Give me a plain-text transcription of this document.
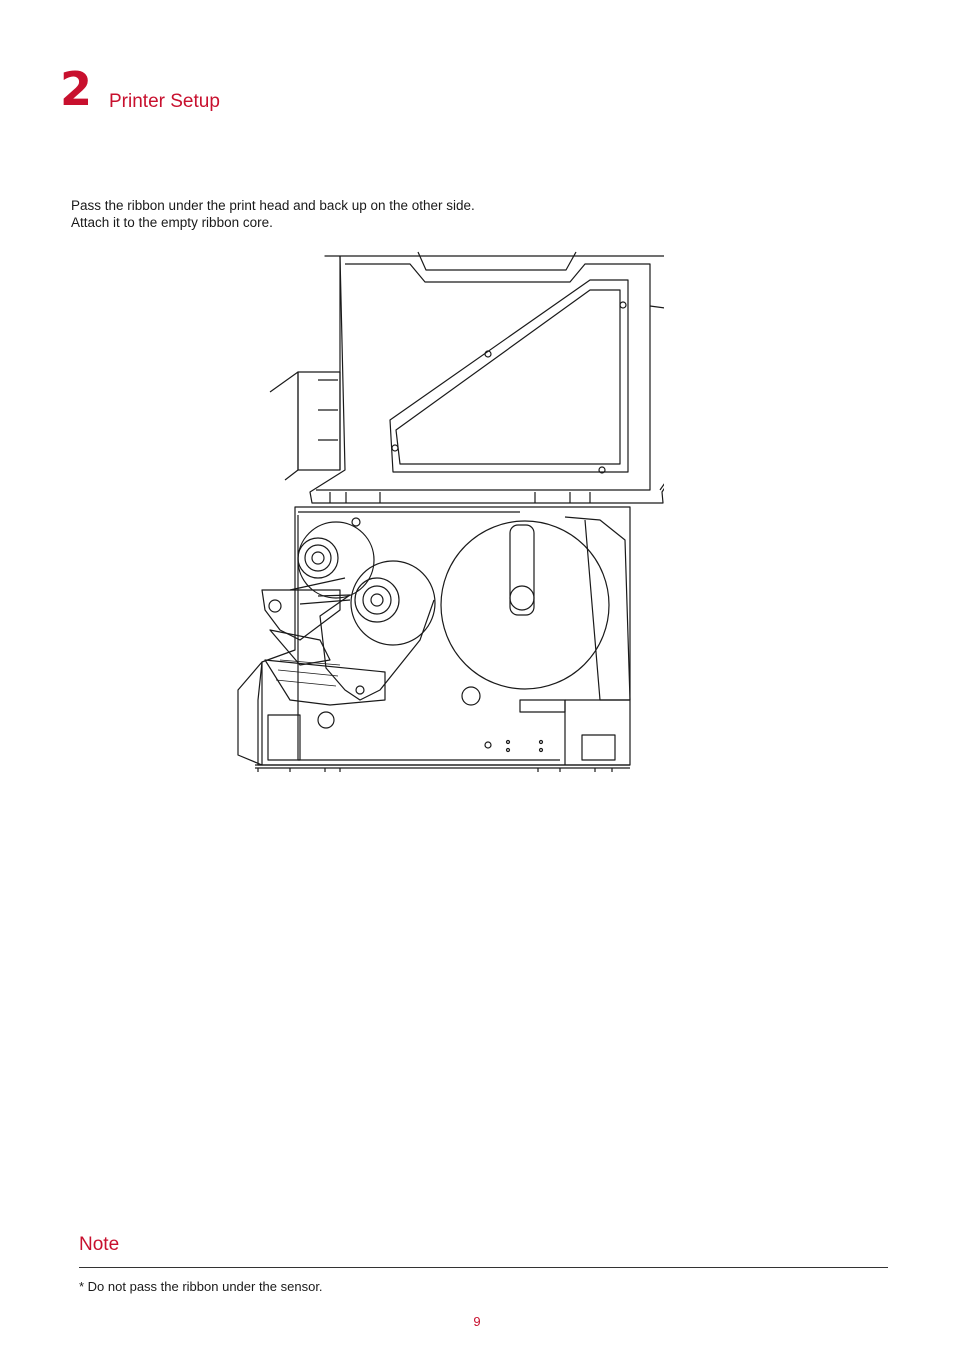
2 Printer Setup
Pass the ribbon under the print head and back up on the other side.
Attach it to the empty ribbon core.
Note
* Do not pass the ribbon under the sensor.
9
